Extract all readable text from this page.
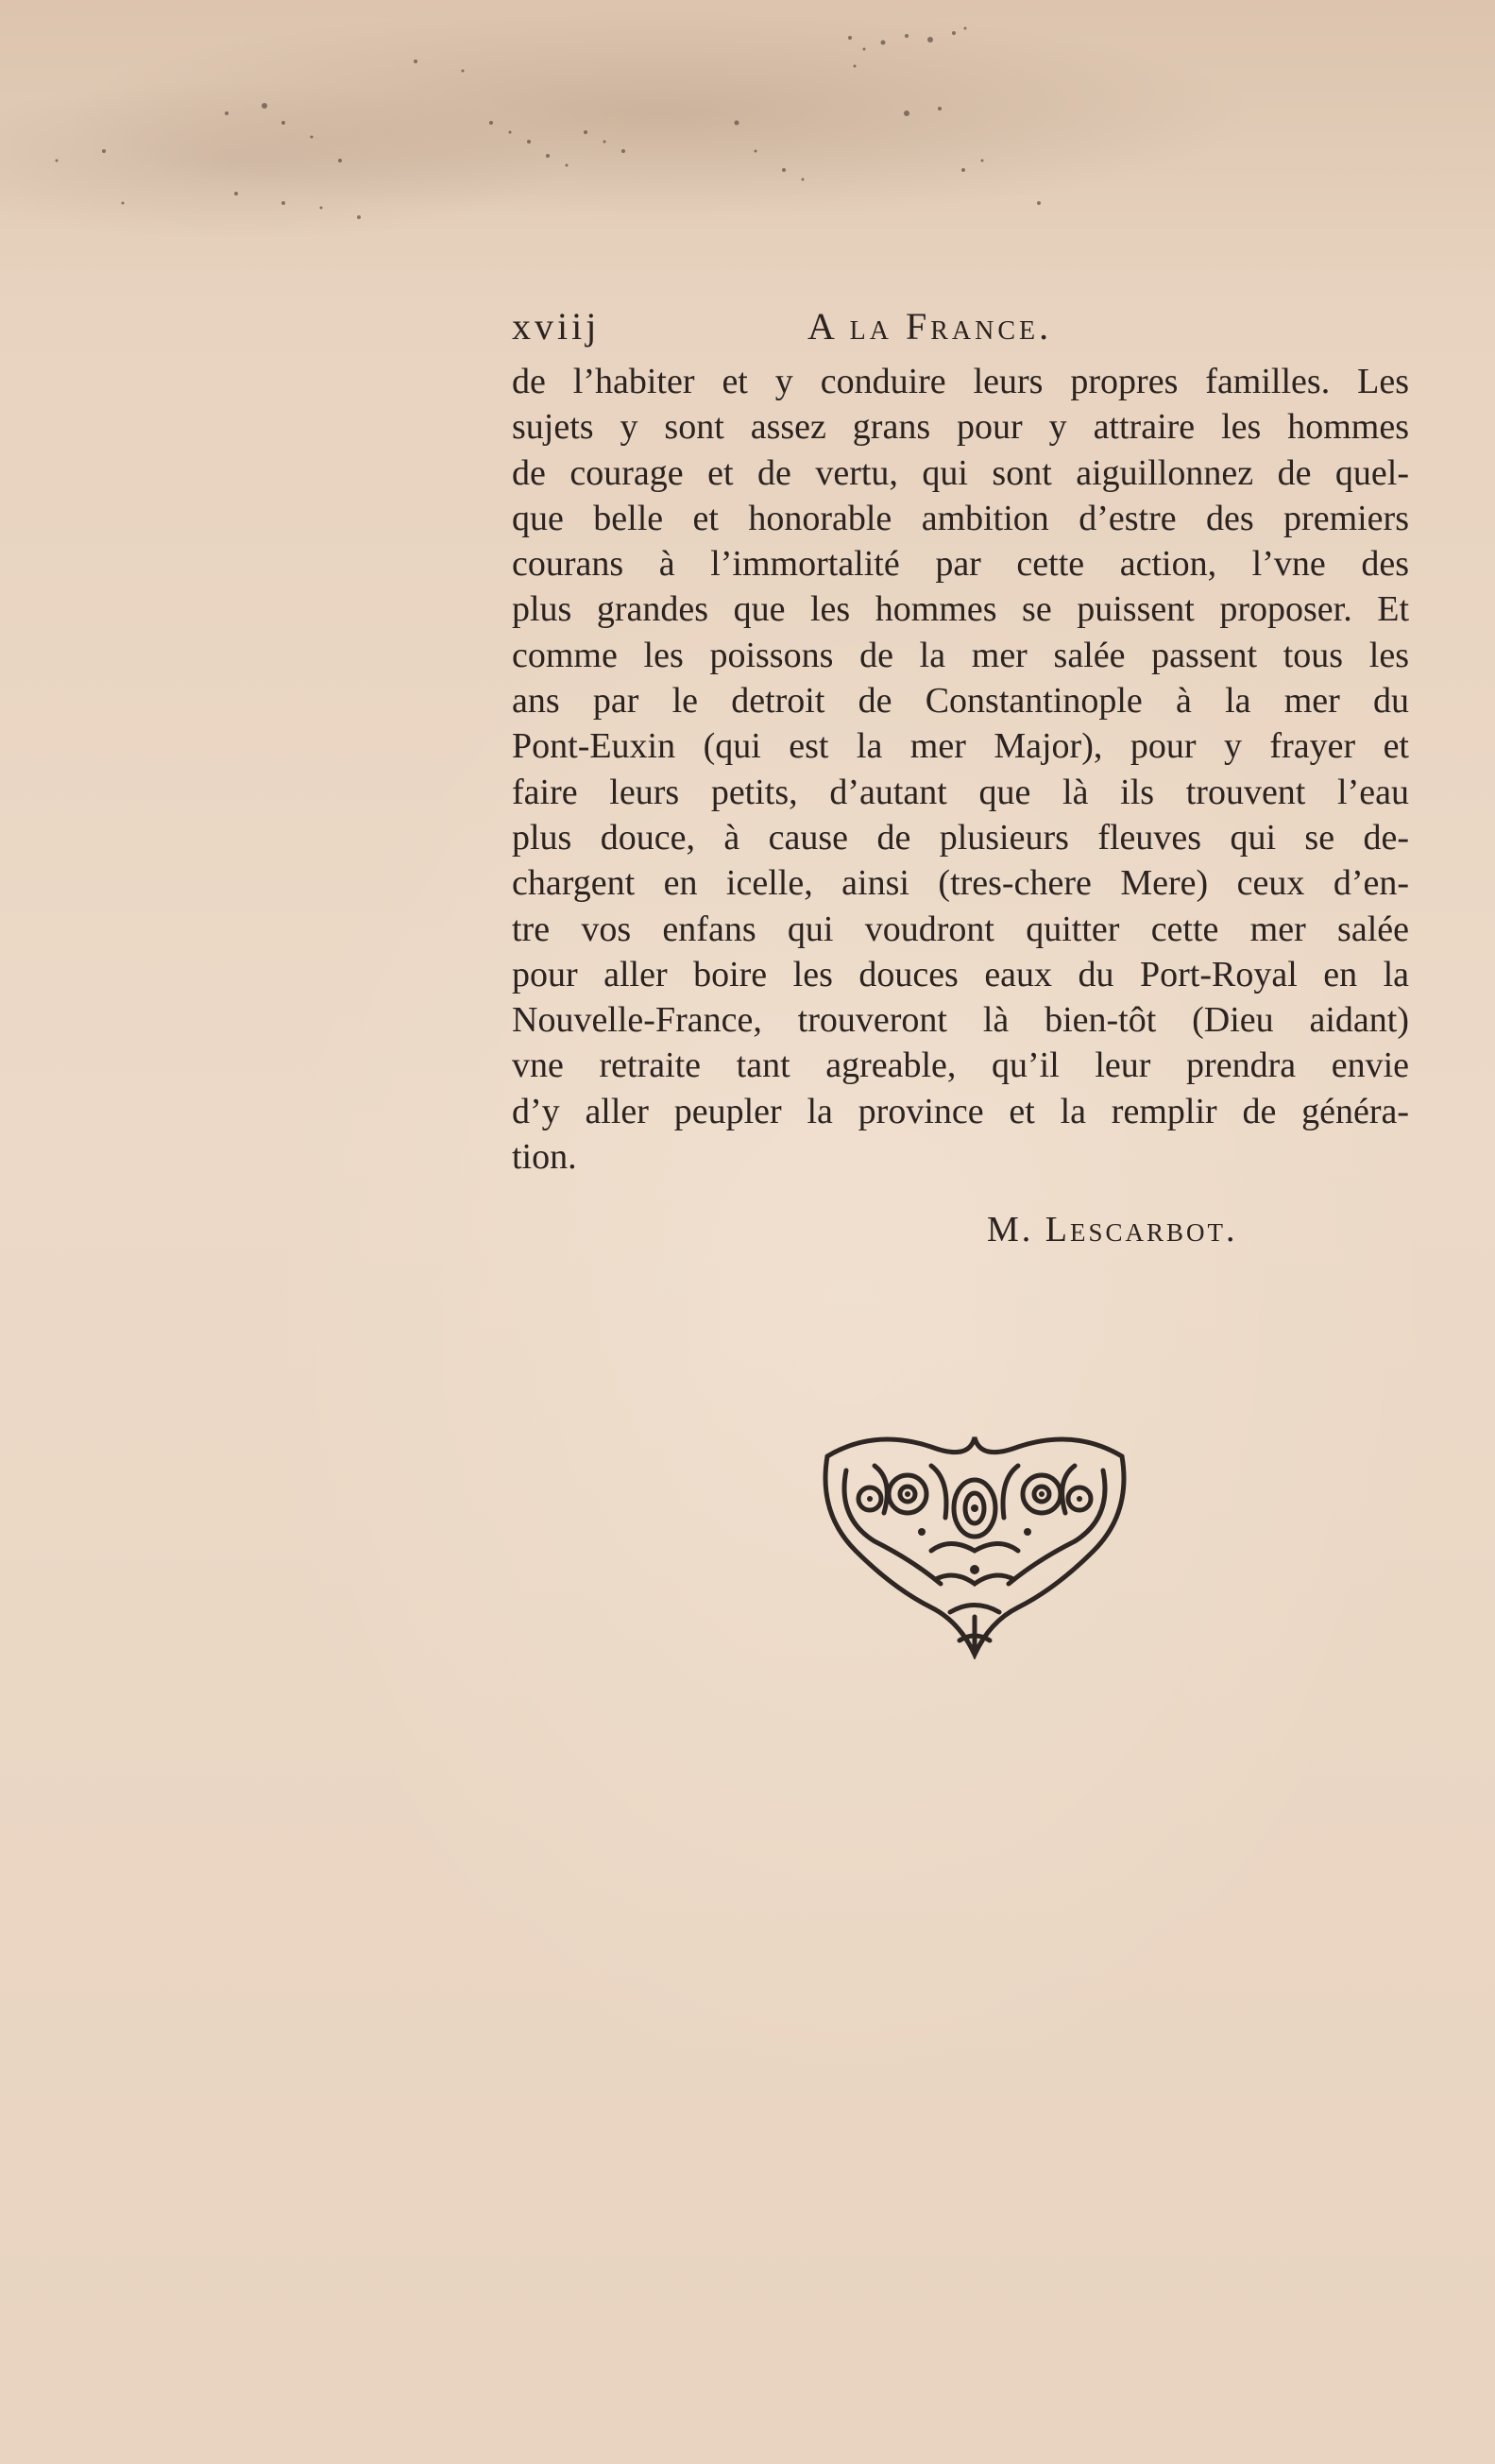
xviij	A la France.
de l’habiter et y conduire leurs propres familles. Les
sujets y sont assez grans pour y attraire les hommes
de courage et de vertu, qui sont aiguillonnez de quel-
que belle et honorable ambition d’estre des premiers
courans à l’immortalité par cette action, l’vne des
plus grandes que les hommes se puissent proposer. Et
comme les poissons de la mer salée passent tous les
ans par le detroit de Constantinople à la mer du
Pont-Euxin (qui est la mer Major), pour y frayer et
faire leurs petits, d’autant que là ils trouvent l’eau
plus douce, à cause de plusieurs fleuves qui se de-
chargent en icelle, ainsi (tres-chere Mere) ceux d’en-
tre vos enfans qui voudront quitter cette mer salée
pour aller boire les douces eaux du Port-Royal en la
Nouvelle-France, trouveront là bien-tôt (Dieu aidant)
vne retraite tant agreable, qu’il leur prendra envie
d’y aller peupler la province et la remplir de généra-
tion.
M. Lescarbot.
